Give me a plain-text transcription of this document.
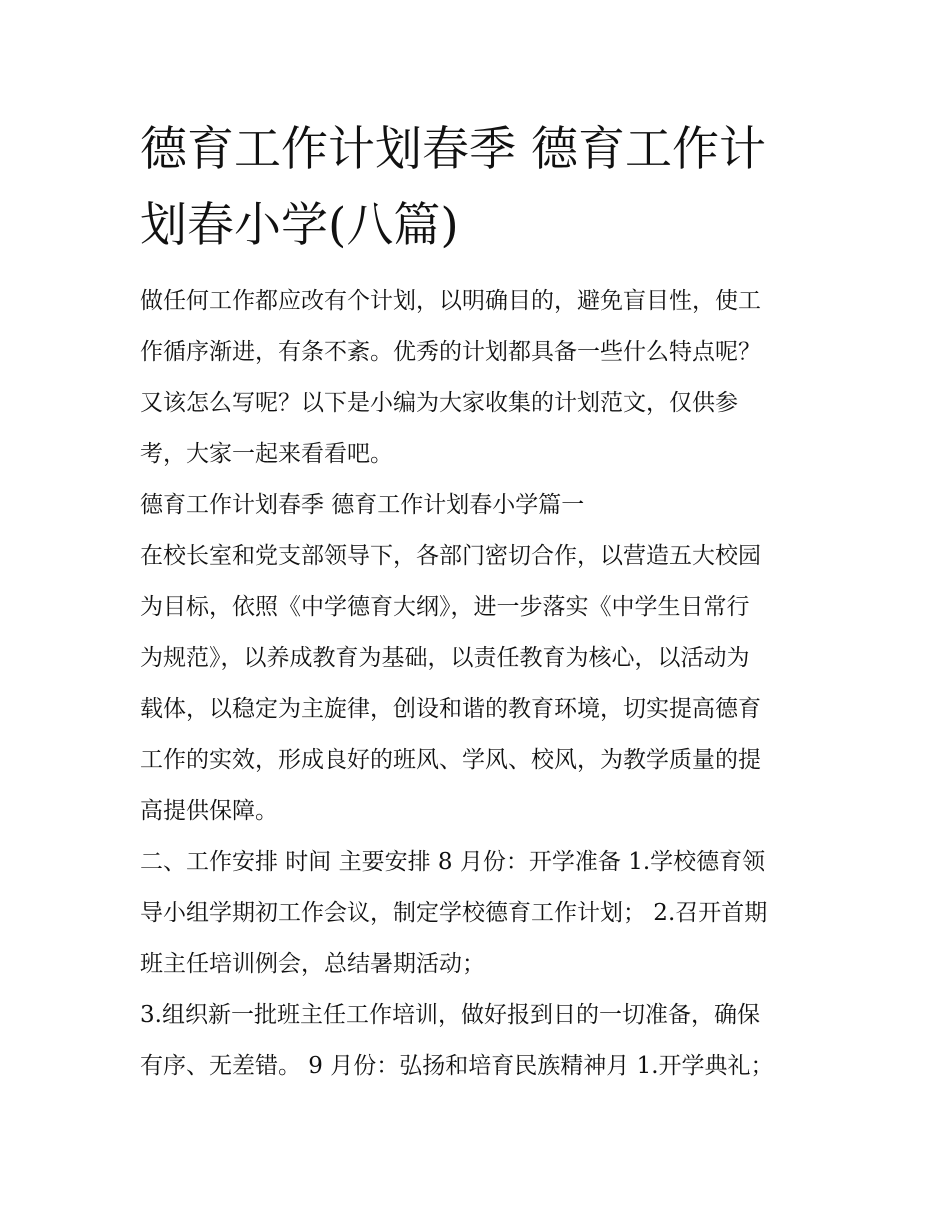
德育工作计划春季 德育工作计
划春小学(八篇)
做任何工作都应改有个计划，以明确目的，避免盲目性，使工
作循序渐进，有条不紊。优秀的计划都具备一些什么特点呢？
又该怎么写呢？以下是小编为大家收集的计划范文，仅供参
考，大家一起来看看吧。
德育工作计划春季 德育工作计划春小学篇一
在校长室和党支部领导下，各部门密切合作，以营造五大校园
为目标，依照《中学德育大纲》，进一步落实《中学生日常行
为规范》，以养成教育为基础，以责任教育为核心，以活动为
载体，以稳定为主旋律，创设和谐的教育环境，切实提高德育
工作的实效，形成良好的班风、学风、校风，为教学质量的提
高提供保障。
二、工作安排 时间 主要安排 8 月份：开学准备 1.学校德育领
导小组学期初工作会议，制定学校德育工作计划； 2.召开首期
班主任培训例会，总结暑期活动；
3.组织新一批班主任工作培训，做好报到日的一切准备，确保
有序、无差错。 9 月份：弘扬和培育民族精神月 1.开学典礼；
